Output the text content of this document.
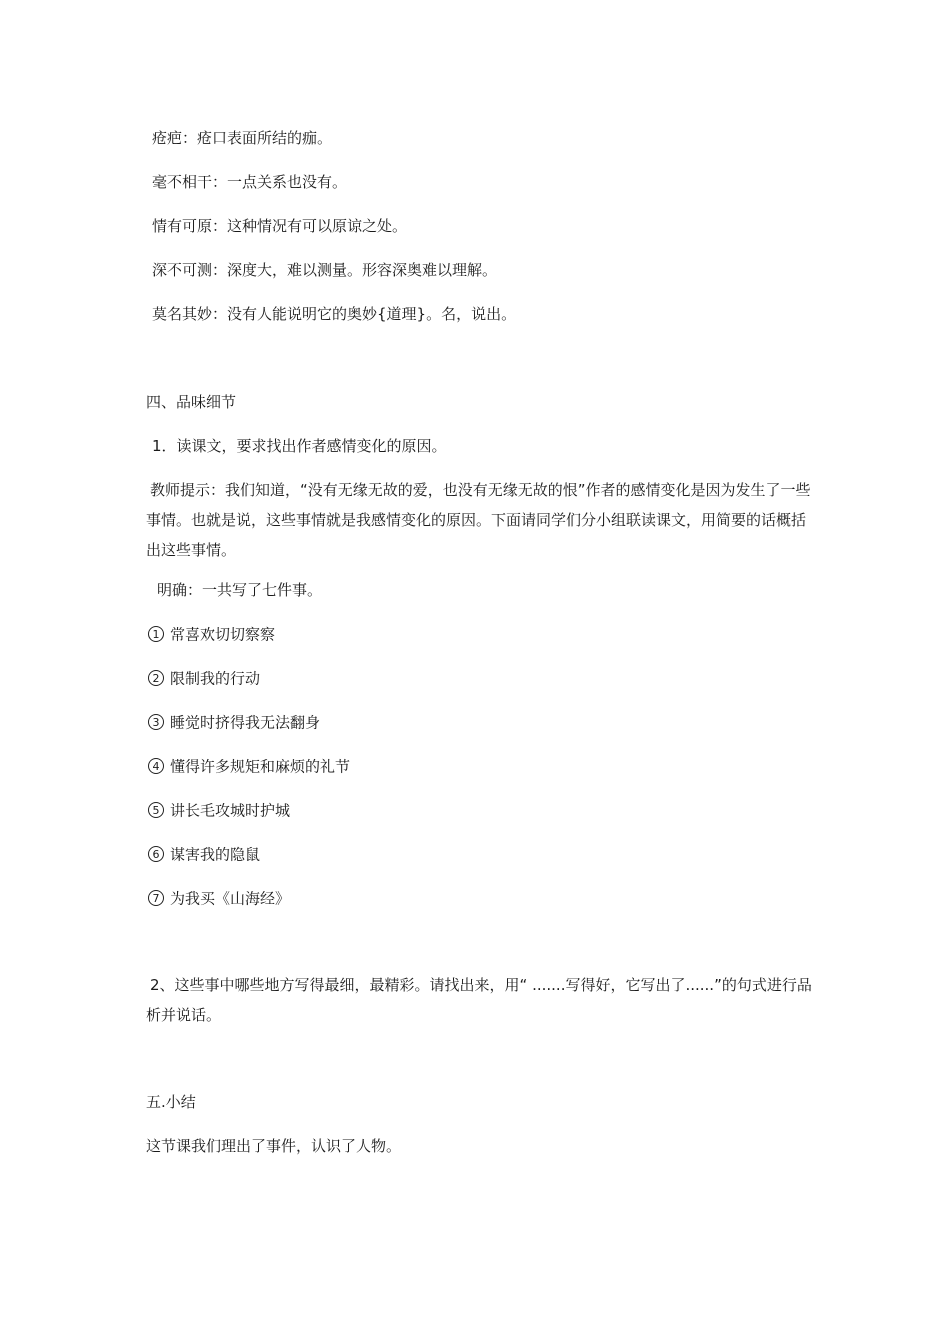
疮疤：疮口表面所结的痂。
毫不相干：一点关系也没有。
情有可原：这种情况有可以原谅之处。
深不可测：深度大，难以测量。形容深奥难以理解。
莫名其妙：没有人能说明它的奥妙{道理}。名，说出。
四、品味细节
1．读课文，要求找出作者感情变化的原因。
教师提示：我们知道，“没有无缘无故的爱，也没有无缘无故的恨”作者的感情变化是因为发生了一些事情。也就是说，这些事情就是我感情变化的原因。下面请同学们分小组联读课文，用简要的话概括出这些事情。
明确：一共写了七件事。
1 常喜欢切切察察
2 限制我的行动
3 睡觉时挤得我无法翻身
4 懂得许多规矩和麻烦的礼节
5 讲长毛攻城时护城
6 谋害我的隐鼠
7 为我买《山海经》
2、这些事中哪些地方写得最细，最精彩。请找出来，用“ .......写得好，它写出了......”的句式进行品析并说话。
五.小结
这节课我们理出了事件，认识了人物。
